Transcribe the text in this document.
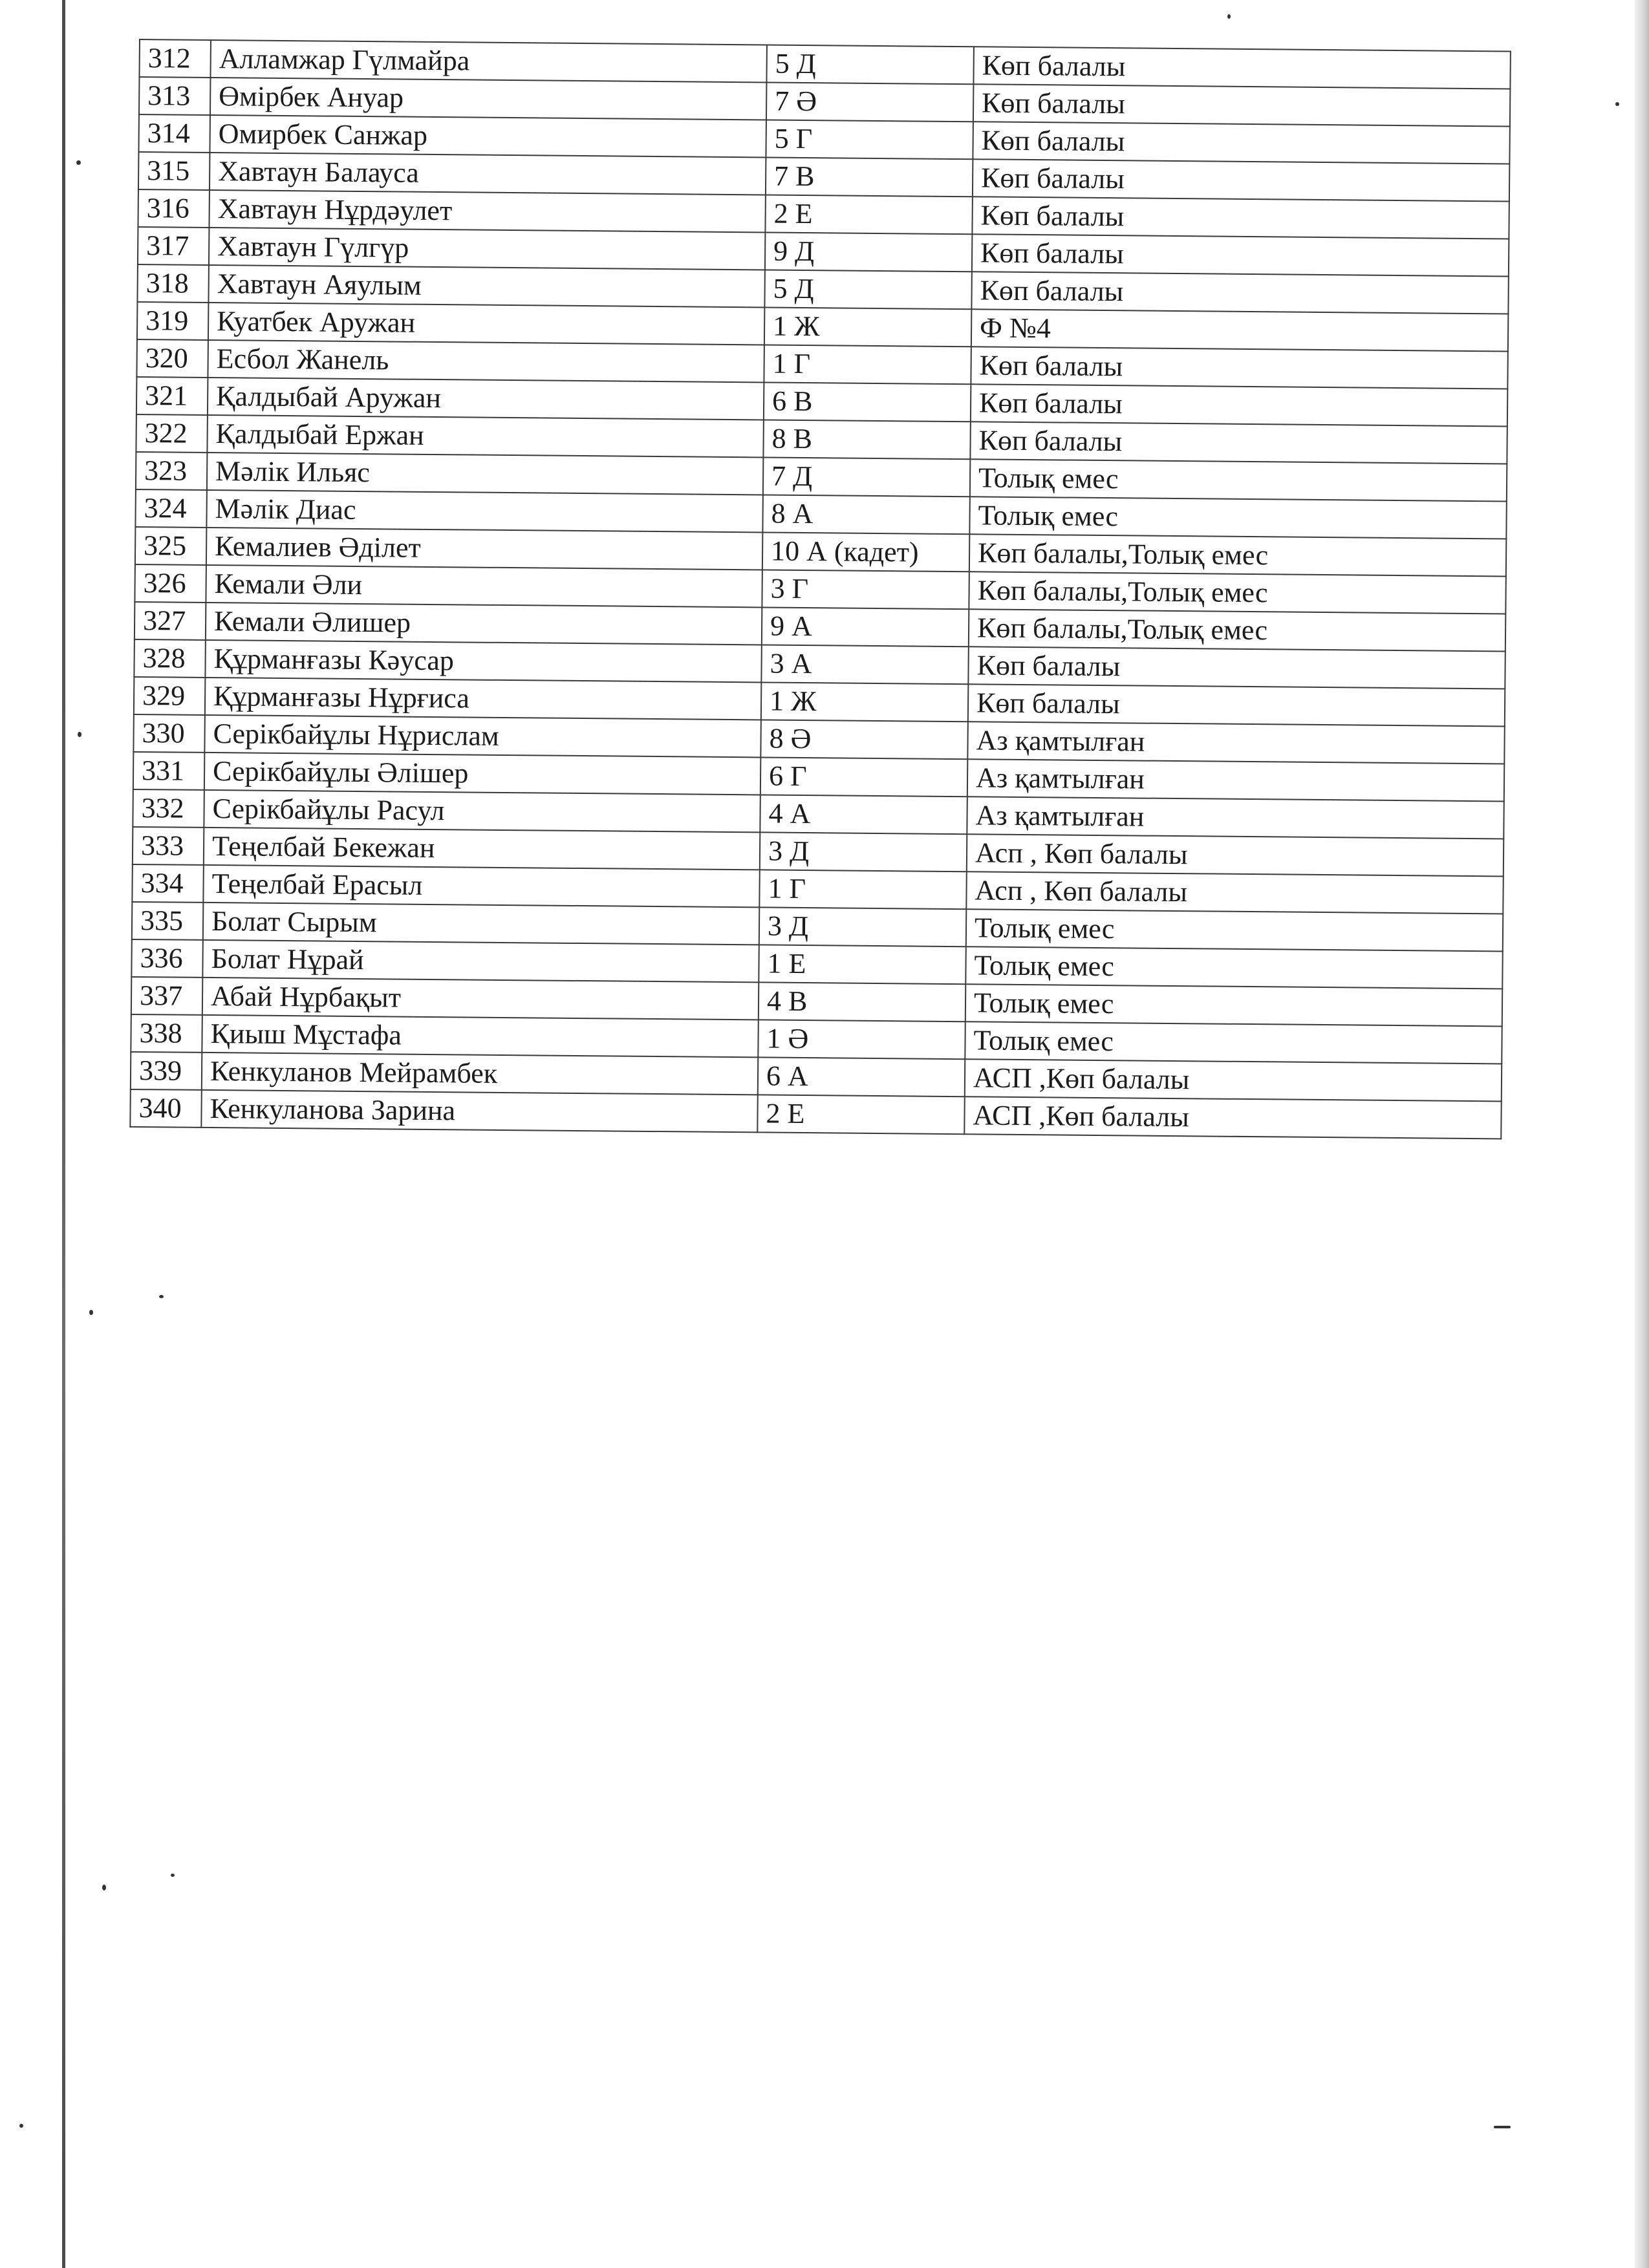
312	Алламжар Гүлмайра	5 Д	Көп балалы
313	Өмірбек Ануар	7 Ә	Көп балалы
314	Омирбек Санжар	5 Г	Көп балалы
315	Хавтаун Балауса	7 В	Көп балалы
316	Хавтаун Нұрдәулет	2 Е	Көп балалы
317	Хавтаун Гүлгүр	9 Д	Көп балалы
318	Хавтаун Аяулым	5 Д	Көп балалы
319	Куатбек Аружан	1 Ж	Ф №4
320	Есбол Жанель	1 Г	Көп балалы
321	Қалдыбай Аружан	6 В	Көп балалы
322	Қалдыбай Ержан	8 В	Көп балалы
323	Мәлік Ильяс	7 Д	Толық емес
324	Мәлік Диас	8 А	Толық емес
325	Кемалиев Әділет	10 А (кадет)	Көп балалы,Толық емес
326	Кемали Әли	3 Г	Көп балалы,Толық емес
327	Кемали Әлишер	9 А	Көп балалы,Толық емес
328	Құрманғазы Кәусар	3 А	Көп балалы
329	Құрманғазы Нұрғиса	1 Ж	Көп балалы
330	Серікбайұлы Нұрислам	8 Ә	Аз қамтылған
331	Серікбайұлы Әлішер	6 Г	Аз қамтылған
332	Серікбайұлы Расул	4 А	Аз қамтылған
333	Теңелбай Бекежан	3 Д	Асп , Көп балалы
334	Теңелбай Ерасыл	1 Г	Асп , Көп балалы
335	Болат Сырым	3 Д	Толық емес
336	Болат Нұрай	1 Е	Толық емес
337	Абай Нұрбақыт	4 В	Толық емес
338	Қиыш Мұстафа	1 Ә	Толық емес
339	Кенкуланов Мейрамбек	6 А	АСП ,Көп балалы
340	Кенкуланова Зарина	2 Е	АСП ,Көп балалы
